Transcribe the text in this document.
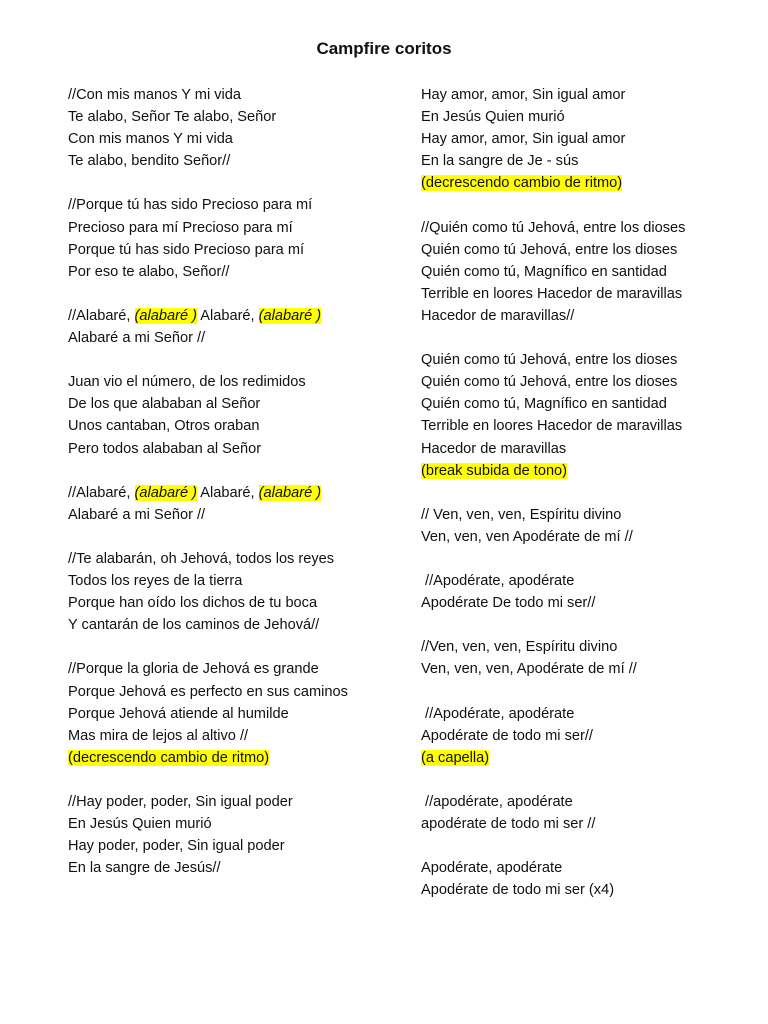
Campfire coritos
//Con mis manos Y mi vida
Te alabo, Señor Te alabo, Señor
Con mis manos Y mi vida
Te alabo, bendito Señor//
//Porque tú has sido Precioso para mí
Precioso para mí Precioso para mí
Porque tú has sido Precioso para mí
Por eso te alabo, Señor//
//Alabaré, (alabaré ) Alabaré, (alabaré )
Alabaré a mi Señor //
Juan vio el número, de los redimidos
De los que alababan al Señor
Unos cantaban, Otros oraban
Pero todos alababan al Señor
//Alabaré, (alabaré ) Alabaré, (alabaré )
Alabaré a mi Señor //
//Te alabarán, oh Jehová, todos los reyes
Todos los reyes de la tierra
Porque han oído los dichos de tu boca
Y cantarán de los caminos de Jehová//
//Porque la gloria de Jehová es grande
Porque Jehová es perfecto en sus caminos
Porque Jehová atiende al humilde
Mas mira de lejos al altivo //
(decrescendo cambio de ritmo)
//Hay poder, poder, Sin igual poder
En Jesús Quien murió
Hay poder, poder, Sin igual poder
En la sangre de Jesús//
Hay amor, amor, Sin igual amor
En Jesús Quien murió
Hay amor, amor, Sin igual amor
En la sangre de Je - sús
(decrescendo cambio de ritmo)
//Quién como tú Jehová, entre los dioses
Quién como tú Jehová, entre los dioses
Quién como tú, Magnífico en santidad
Terrible en loores Hacedor de maravillas
Hacedor de maravillas//
Quién como tú Jehová, entre los dioses
Quién como tú Jehová, entre los dioses
Quién como tú, Magnífico en santidad
Terrible en loores Hacedor de maravillas
Hacedor de maravillas
(break subida de tono)
// Ven, ven, ven, Espíritu divino
Ven, ven, ven Apodérate de mí //
//Apodérate, apodérate
Apodérate De todo mi ser//
//Ven, ven, ven, Espíritu divino
Ven, ven, ven, Apodérate de mí //
//Apodérate, apodérate
Apodérate de todo mi ser//
(a capella)
//apodérate, apodérate
apodérate de todo mi ser //
Apodérate, apodérate
Apodérate de todo mi ser (x4)
